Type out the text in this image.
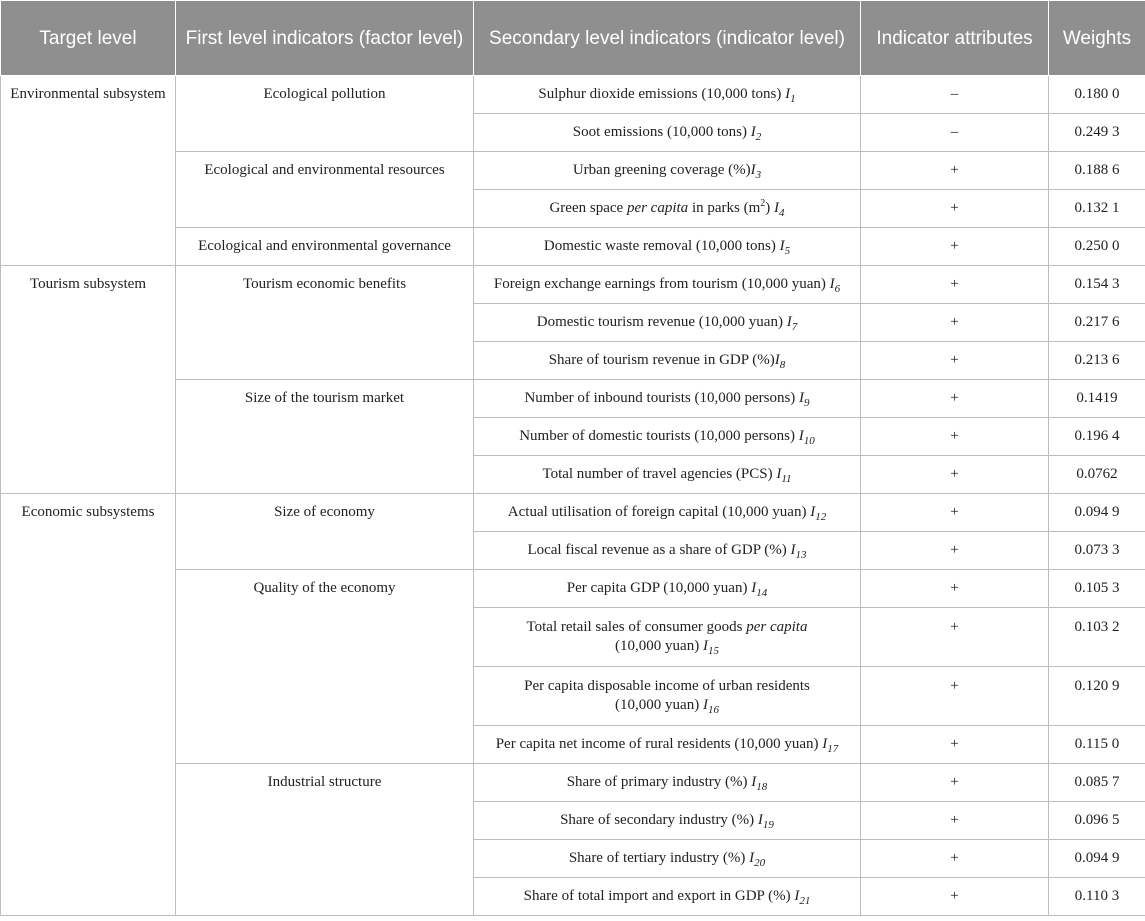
Target level	First level indicators (factor level)	Secondary level indicators (indicator level)	Indicator attributes	Weights
Environmental subsystem	Ecological pollution	Sulphur dioxide emissions (10,000 tons) $I_1$	–	0.180 0
		Soot emissions (10,000 tons) $I_2$	–	0.249 3
	Ecological and environmental resources	Urban greening coverage $(\%)I_3$	+	0.188 6
		Green space per capita in parks $(m^2)$ $I_4$	+	0.132 1
	Ecological and environmental governance	Domestic waste removal (10,000 tons) $I_5$	+	0.250 0
Tourism subsystem	Tourism economic benefits	Foreign exchange earnings from tourism (10,000 yuan) $I_6$	+	0.154 3
		Domestic tourism revenue (10,000 yuan) $I_7$	+	0.217 6
		Share of tourism revenue in GDP $(\%)I_8$	+	0.213 6
	Size of the tourism market	Number of inbound tourists (10,000 persons) $I_9$	+	0.1419
		Number of domestic tourists (10,000 persons) $I_{10}$	+	0.196 4
		Total number of travel agencies (PCS) $I_{11}$	+	0.0762
Economic subsystems	Size of economy	Actual utilisation of foreign capital (10,000 yuan) $I_{12}$	+	0.094 9
		Local fiscal revenue as a share of GDP (%) $I_{13}$	+	0.073 3
	Quality of the economy	Per capita GDP (10,000 yuan) $I_{14}$	+	0.105 3
		Total retail sales of consumer goods per capita
(10,000 yuan) $I_{15}$	+	0.103 2
		Per capita disposable income of urban residents
(10,000 yuan) $I_{16}$	+	0.120 9
		Per capita net income of rural residents (10,000 yuan) $I_{17}$	+	0.115 0
	Industrial structure	Share of primary industry (%) $I_{18}$	+	0.085 7
		Share of secondary industry (%) $I_{19}$	+	0.096 5
		Share of tertiary industry (%) $I_{20}$	+	0.094 9
		Share of total import and export in GDP (%) $I_{21}$	+	0.110 3
